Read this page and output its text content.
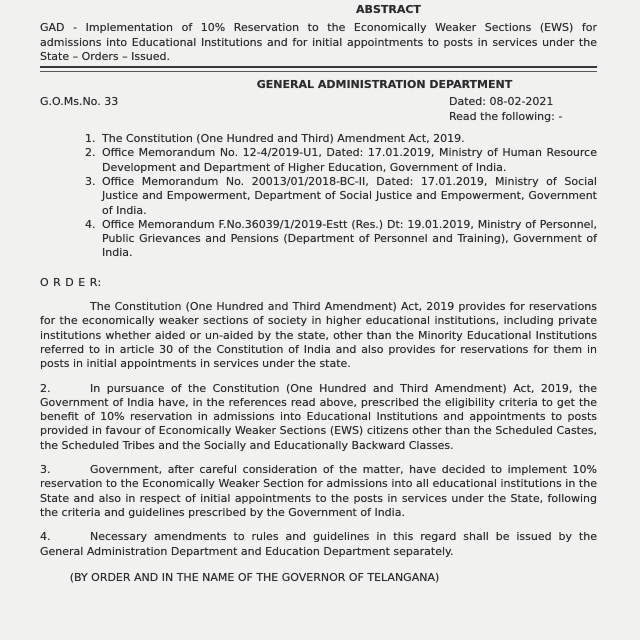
ABSTRACT
GAD - Implementation of 10% Reservation to the Economically Weaker Sections (EWS) for admissions into Educational Institutions and for initial appointments to posts in services under the State – Orders – Issued.
GENERAL ADMINISTRATION DEPARTMENT
G.O.Ms.No. 33	Dated: 08-02-2021
Read the following: -
1. The Constitution (One Hundred and Third) Amendment Act, 2019.
2. Office Memorandum No. 12-4/2019-U1, Dated: 17.01.2019, Ministry of Human Resource Development and Department of Higher Education, Government of India.
3. Office Memorandum No. 20013/01/2018-BC-II, Dated: 17.01.2019, Ministry of Social Justice and Empowerment, Department of Social Justice and Empowerment, Government of India.
4. Office Memorandum F.No.36039/1/2019-Estt (Res.) Dt: 19.01.2019, Ministry of Personnel, Public Grievances and Pensions (Department of Personnel and Training), Government of India.
O R D E R:
The Constitution (One Hundred and Third Amendment) Act, 2019 provides for reservations for the economically weaker sections of society in higher educational institutions, including private institutions whether aided or un-aided by the state, other than the Minority Educational Institutions referred to in article 30 of the Constitution of India and also provides for reservations for them in posts in initial appointments in services under the state.
2.	In pursuance of the Constitution (One Hundred and Third Amendment) Act, 2019, the Government of India have, in the references read above, prescribed the eligibility criteria to get the benefit of 10% reservation in admissions into Educational Institutions and appointments to posts provided in favour of Economically Weaker Sections (EWS) citizens other than the Scheduled Castes, the Scheduled Tribes and the Socially and Educationally Backward Classes.
3.	Government, after careful consideration of the matter, have decided to implement 10% reservation to the Economically Weaker Section for admissions into all educational institutions in the State and also in respect of initial appointments to the posts in services under the State, following the criteria and guidelines prescribed by the Government of India.
4.	Necessary amendments to rules and guidelines in this regard shall be issued by the General Administration Department and Education Department separately.
(BY ORDER AND IN THE NAME OF THE GOVERNOR OF TELANGANA)
